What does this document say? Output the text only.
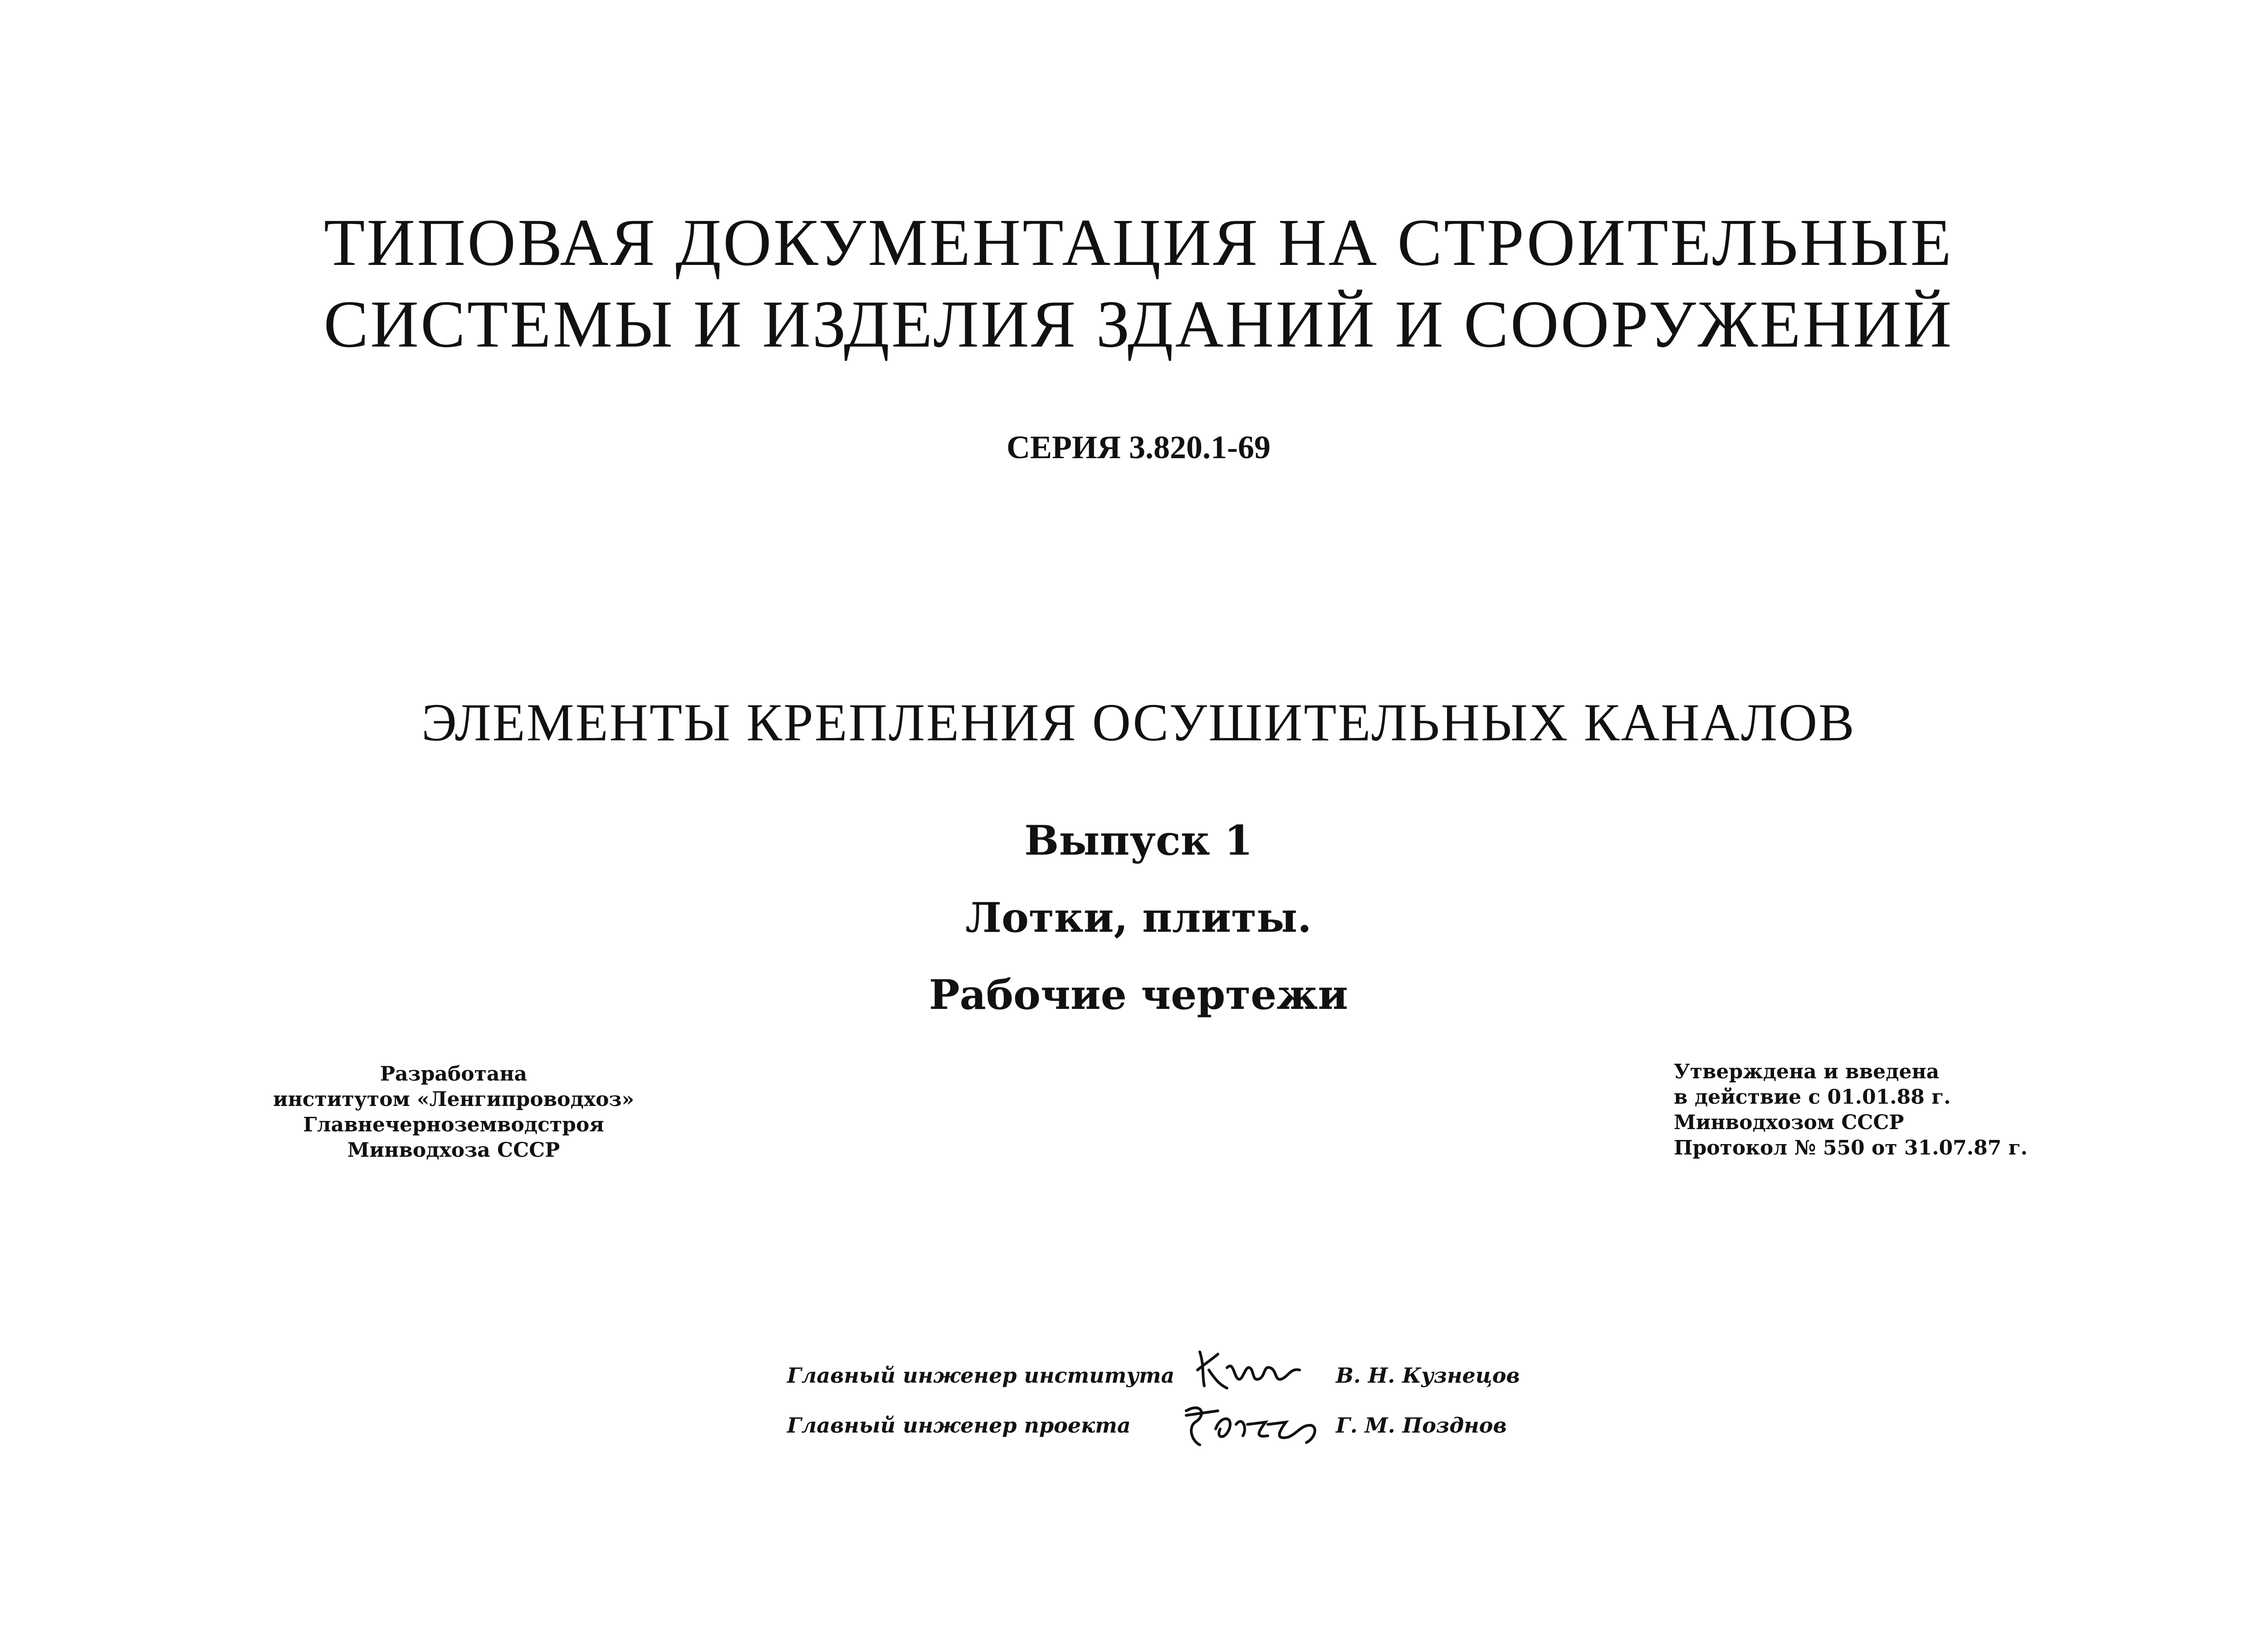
ТИПОВАЯ ДОКУМЕНТАЦИЯ НА СТРОИТЕЛЬНЫЕ
СИСТЕМЫ И ИЗДЕЛИЯ ЗДАНИЙ И СООРУЖЕНИЙ
СЕРИЯ 3.820.1-69
ЭЛЕМЕНТЫ КРЕПЛЕНИЯ ОСУШИТЕЛЬНЫХ КАНАЛОВ
Выпуск 1
Лотки, плиты.
Рабочие чертежи
Разработана
институтом «Ленгипроводхоз»
Главнечерноземводстроя
Минводхоза СССР
Утверждена и введена
в действие с 01.01.88 г.
Минводхозом СССР
Протокол № 550 от 31.07.87 г.
Главный инженер института	В. Н. Кузнецов
Главный инженер проекта	Г. М. Позднов
